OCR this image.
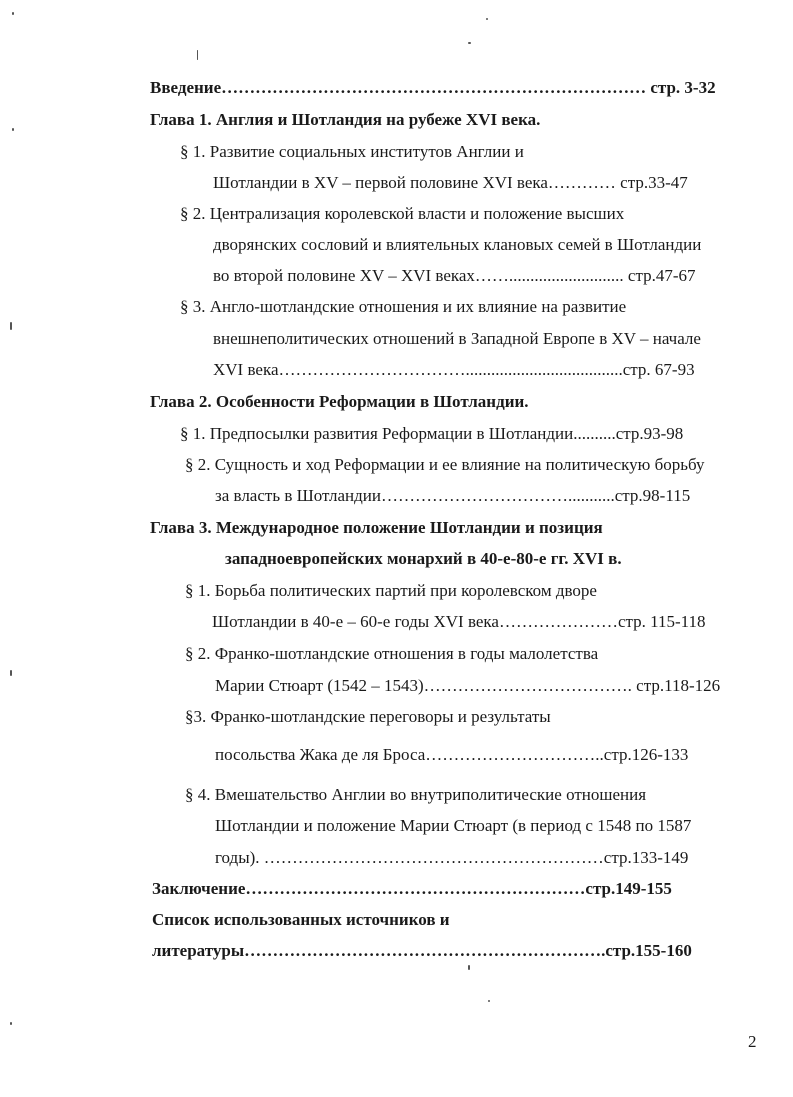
Введение………………………………………………………………… стр. 3-32
Глава 1. Англия и Шотландия на рубеже XVI века.
§ 1. Развитие социальных институтов Англии и
Шотландии в XV – первой половине XVI века………… стр.33-47
§ 2. Централизация королевской власти и положение высших
дворянских сословий и влиятельных клановых семей в Шотландии
во второй половине XV – XVI веках……........................... стр.47-67
§ 3. Англо-шотландские отношения и их влияние на развитие
внешнеполитических отношений в Западной Европе в XV – начале
XVI века…………………………….....................................стр. 67-93
Глава 2. Особенности Реформации в Шотландии.
§ 1. Предпосылки развития Реформации в Шотландии..........стр.93-98
§ 2. Сущность и ход Реформации и ее влияние на политическую борьбу
за власть в Шотландии……………………………...........стр.98-115
Глава 3. Международное положение Шотландии и позиция
западноевропейских монархий в 40-е-80-е гг. XVI в.
§ 1. Борьба политических партий при королевском дворе
Шотландии в 40-е – 60-е годы XVI века…………………стр. 115-118
§ 2. Франко-шотландские отношения в годы малолетства
Марии Стюарт (1542 – 1543)………………………………. стр.118-126
§3. Франко-шотландские переговоры и результаты
посольства Жака де ля Броса…………………………..стр.126-133
§ 4. Вмешательство Англии во внутриполитические отношения
Шотландии и положение Марии Стюарт (в период с 1548 по 1587
годы). ……………………………………………………стр.133-149
Заключение……………………………………………………стр.149-155
Список использованных источников и
литературы……………………………………………………….стр.155-160
2
